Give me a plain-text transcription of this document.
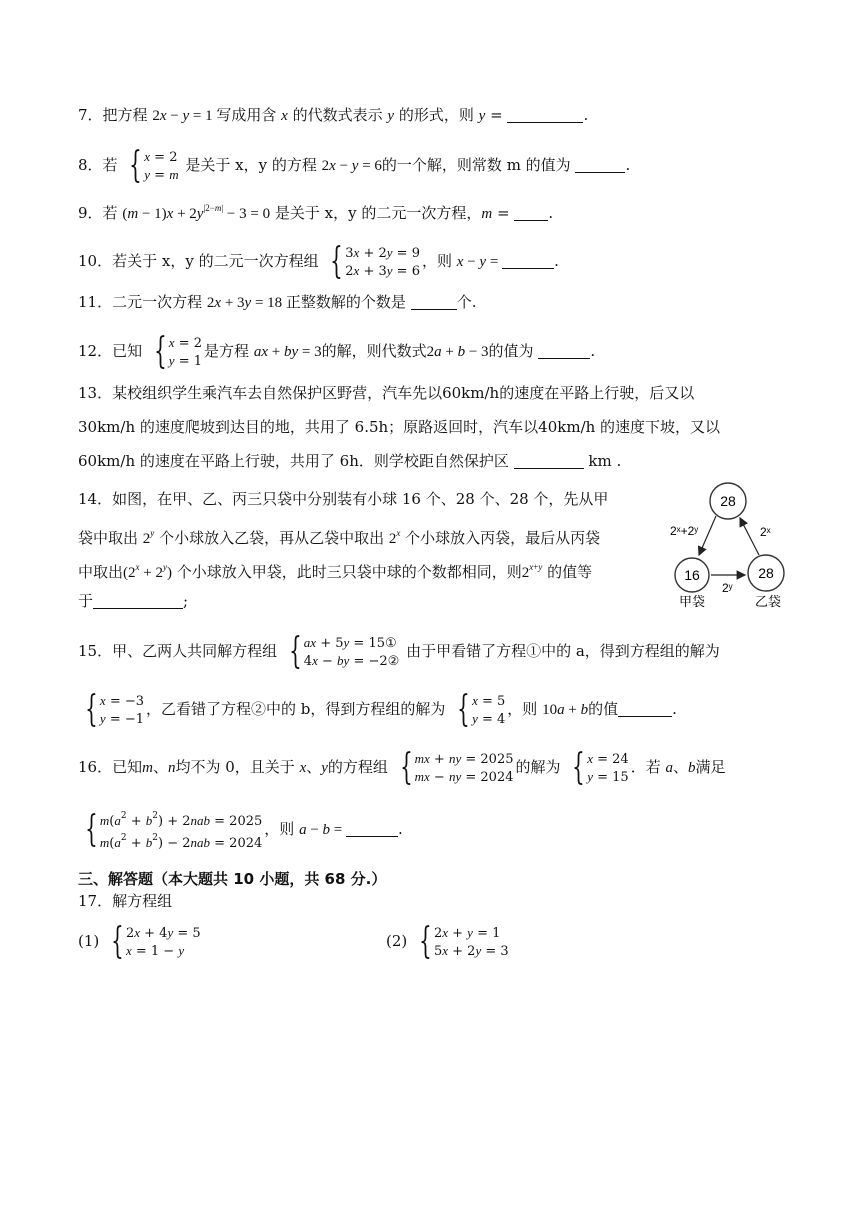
7．把方程 2x − y = 1 写成用含 x 的代数式表示 y 的形式，则 y =	.
8．若 { x = 2
y = m
是关于 x，y 的方程 2x − y = 6的一个解，则常数 m 的值为	.
9．若 $(m - 1)x + 2y^{|2-m|} - 3 = 0$ 是关于 x，y 的二元一次方程，m = .
10．若关于 x，y 的二元一次方程组 { 3x + 2y = 9
2x + 3y = 6
，则 x − y =	.
11．二元一次方程 2x + 3y = 18 正整数解的个数是	个.
12．已知 { x = 2
y = 1
是方程 ax + by = 3的解，则代数式2a + b − 3的值为	.
13．某校组织学生乘汽车去自然保护区野营，汽车先以60km/h的速度在平路上行驶，后又以
30km/h 的速度爬坡到达目的地，共用了 6.5h；原路返回时，汽车以40km/h 的速度下坡，又以
60km/h 的速度在平路上行驶，共用了 6h．则学校距自然保护区	km .
14．如图，在甲、乙、丙三只袋中分别装有小球 16 个、28 个、28 个，先从甲
袋中取出 2$^y$ 个小球放入乙袋，再从乙袋中取出 2$^x$ 个小球放入丙袋，最后从丙袋
中取出$(2^x + 2^y)$ 个小球放入甲袋，此时三只袋中球的个数都相同，则$2^{x+y}$ 的值等
于	;
28
16	28
2ˣ+2ʸ	2ˣ
2ʸ
甲袋	乙袋
15．甲、乙两人共同解方程组 { ax + 5y = 15①
4x − by = −2②
由于甲看错了方程①中的 a，得到方程组的解为
{ x = −3
y = −1
，乙看错了方程②中的 b，得到方程组的解为 { x = 5
y = 4
，则 10a + b的值	.
16．已知m、n均不为 0，且关于 x、y的方程组 { mx + ny = 2025
mx − ny = 2024
的解为 { x = 24
y = 15
．若 a、b满足
{ $m(a^2 + b^2) + 2nab = 2025$
$m(a^2 + b^2) - 2nab = 2024$
，则 a − b =	.
三、解答题（本大题共 10 小题，共 68 分.）
17．解方程组
(1) { 2x + 4y = 5
x = 1 − y
(2) { 2x + y = 1
5x + 2y = 3
